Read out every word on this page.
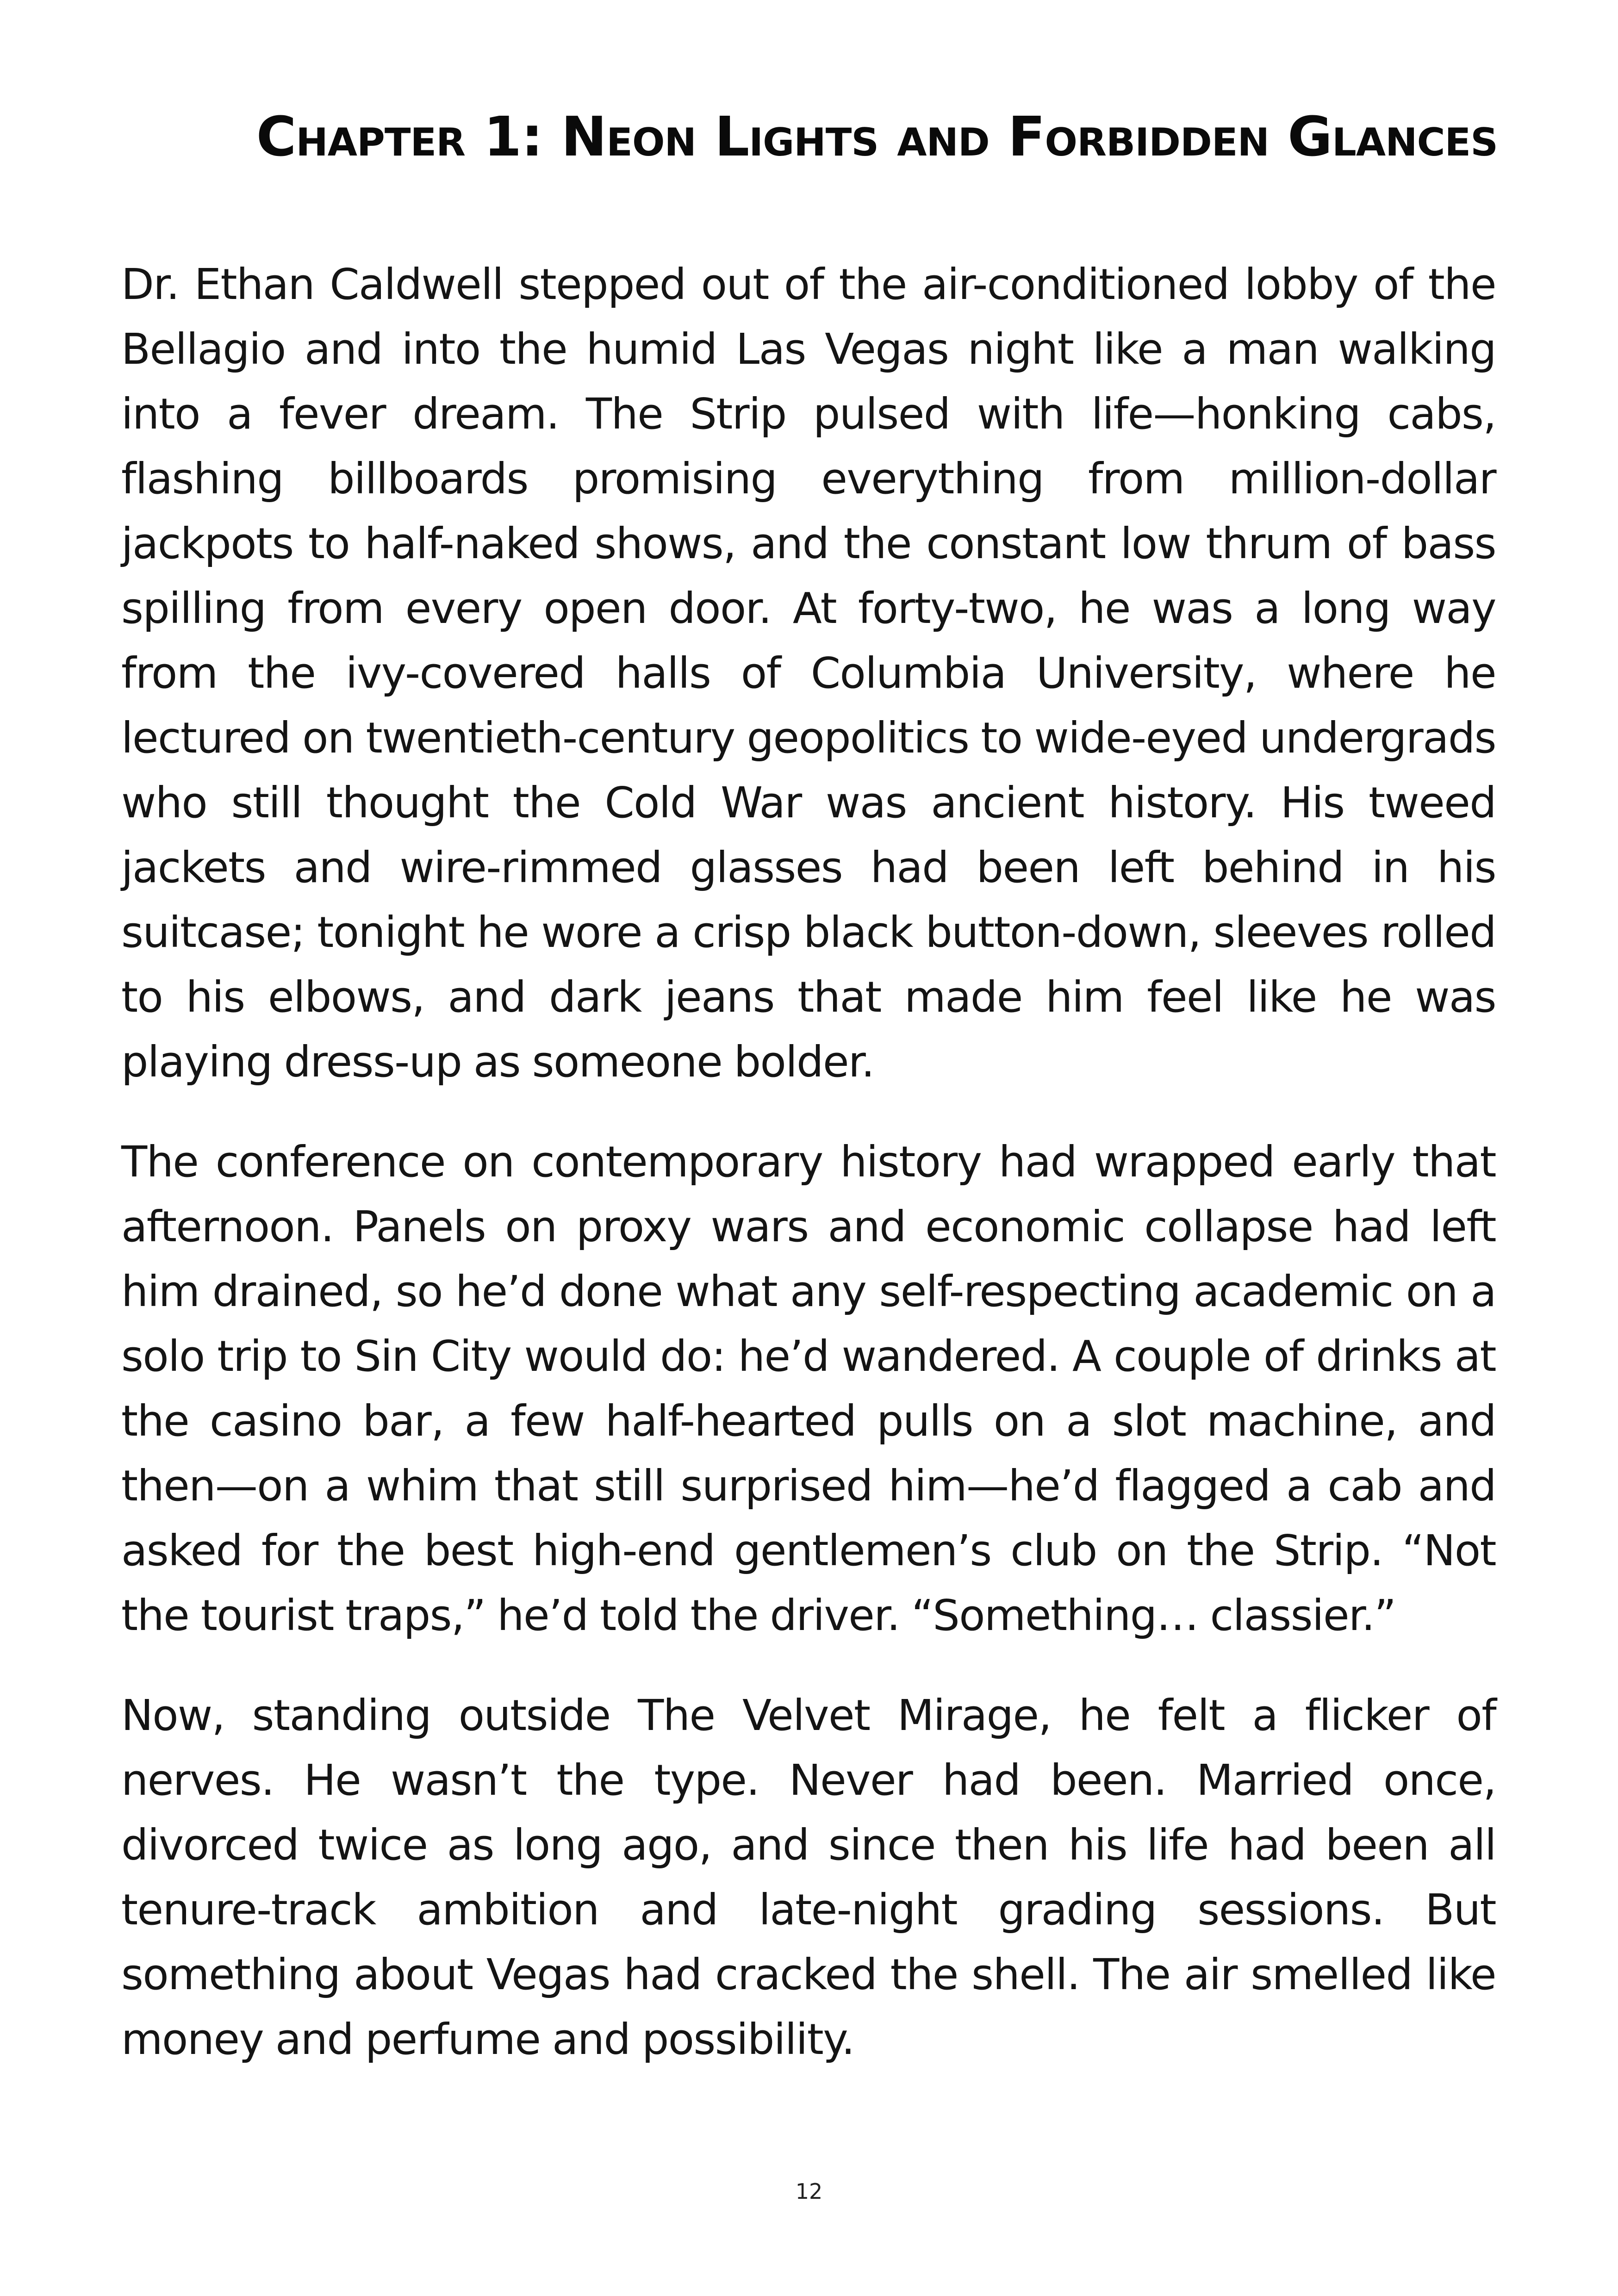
Chapter 1: Neon Lights and Forbidden Glances

Dr. Ethan Caldwell stepped out of the air-conditioned lobby of the Bellagio and into the humid Las Vegas night like a man walking into a fever dream. The Strip pulsed with life—honking cabs, flashing billboards promising everything from million-dollar jackpots to half-naked shows, and the constant low thrum of bass spilling from every open door. At forty-two, he was a long way from the ivy-covered halls of Columbia University, where he lectured on twentieth-century geopolitics to wide-eyed undergrads who still thought the Cold War was ancient history. His tweed jackets and wire-rimmed glasses had been left behind in his suitcase; tonight he wore a crisp black button-down, sleeves rolled to his elbows, and dark jeans that made him feel like he was playing dress-up as someone bolder.

The conference on contemporary history had wrapped early that afternoon. Panels on proxy wars and economic collapse had left him drained, so he’d done what any self-respecting academic on a solo trip to Sin City would do: he’d wandered. A couple of drinks at the casino bar, a few half-hearted pulls on a slot machine, and then—on a whim that still surprised him—he’d flagged a cab and asked for the best high-end gentlemen’s club on the Strip. “Not the tourist traps,” he’d told the driver. “Something… classier.”

Now, standing outside The Velvet Mirage, he felt a flicker of nerves. He wasn’t the type. Never had been. Married once, divorced twice as long ago, and since then his life had been all tenure-track ambition and late-night grading sessions. But something about Vegas had cracked the shell. The air smelled like money and perfume and possibility.

12
